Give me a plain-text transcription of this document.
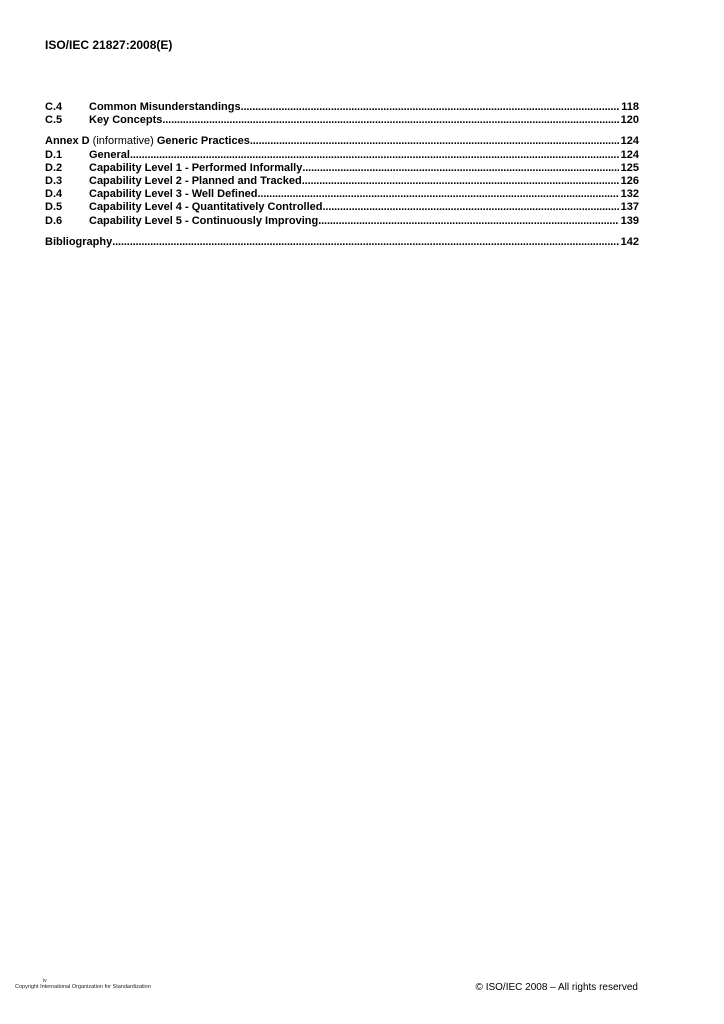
ISO/IEC 21827:2008(E)
C.4	Common Misunderstandings . . .	118
C.5	Key Concepts . . .	120
Annex D (informative) Generic Practices . . .	124
D.1	General . . .	124
D.2	Capability Level 1 - Performed Informally . . .	125
D.3	Capability Level 2 - Planned and Tracked . . .	126
D.4	Capability Level 3 - Well Defined . . .	132
D.5	Capability Level 4 - Quantitatively Controlled . . .	137
D.6	Capability Level 5 - Continuously Improving . . .	139
Bibliography . . .	142
iv
Copyright International Organization for Standardization	© ISO/IEC 2008 – All rights reserved
